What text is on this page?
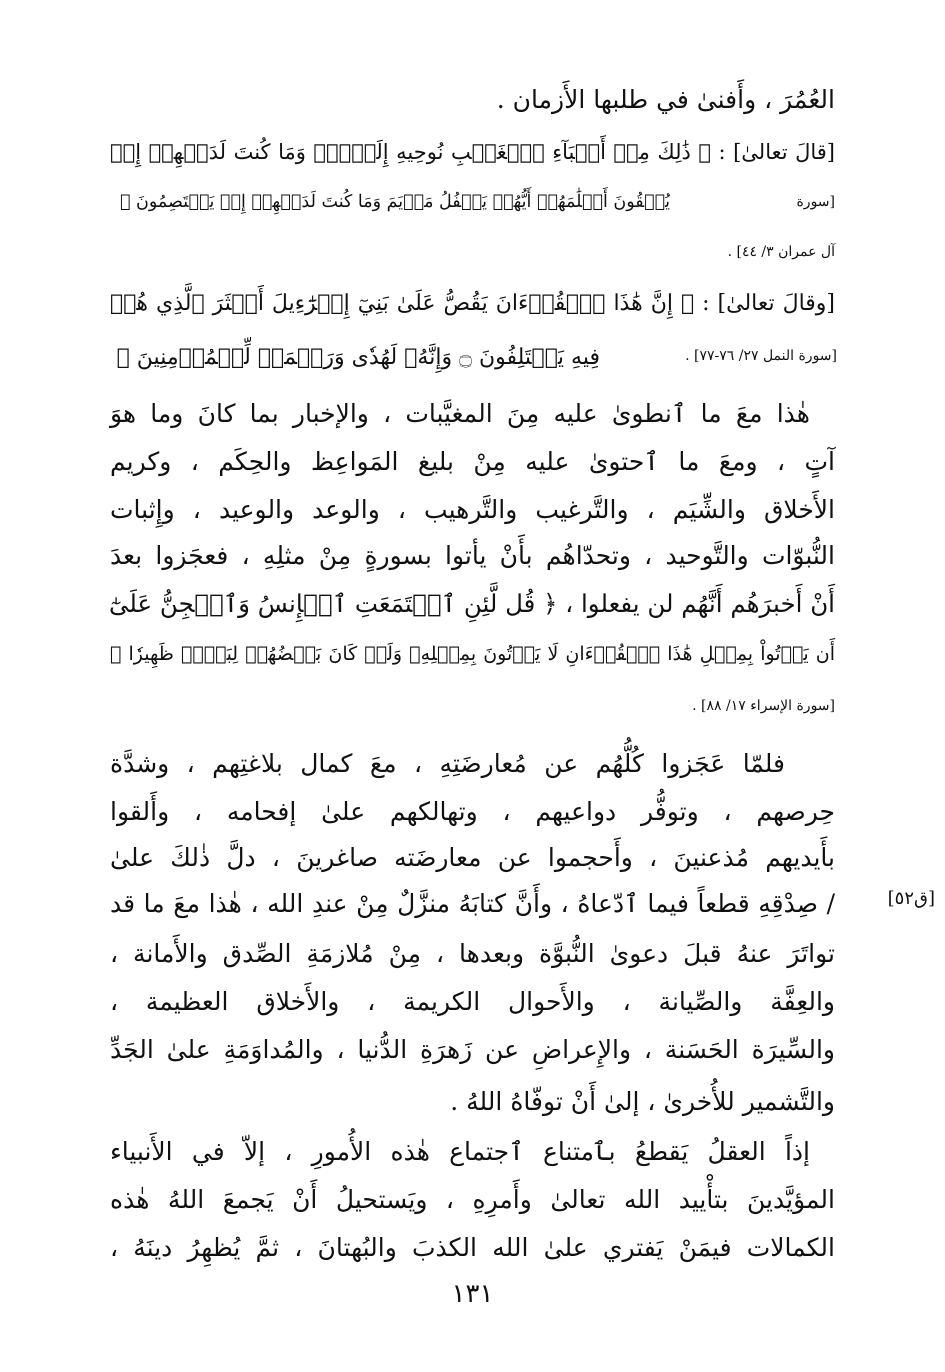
العُمُرَ ، وأَفنىٰ في طلبها الأَزمان .
[قالَ تعالىٰ] : ﴿ ذَٰلِكَ مِنۡ أَنۢبَآءِ ٱلۡغَيۡبِ نُوحِيهِ إِلَيۡكَۚ وَمَا كُنتَ لَدَيۡهِمۡ إِذۡ
يُلۡقُونَ أَقۡلَٰمَهُمۡ أَيُّهُمۡ يَكۡفُلُ مَرۡيَمَ وَمَا كُنتَ لَدَيۡهِمۡ إِذۡ يَخۡتَصِمُونَ ﴾	[سورة
آل عمران ٣/ ٤٤] .
[وقالَ تعالىٰ] : ﴿ إِنَّ هَٰذَا ٱلۡقُرۡءَانَ يَقُصُّ عَلَىٰ بَنِيٓ إِسۡرَٰٓءِيلَ أَكۡثَرَ ٱلَّذِي هُمۡ
فِيهِ يَخۡتَلِفُونَ ۝ وَإِنَّهُۥ لَهُدٗى وَرَحۡمَةٞ لِّلۡمُؤۡمِنِينَ ﴾	[سورة النمل ٢٧/ ٧٦-٧٧] .
هٰذا معَ ما ٱنطوىٰ عليه مِنَ المغيَّبات ، والإخبار بما كانَ وما هوَ
آتٍ ، ومعَ ما ٱحتوىٰ عليه مِنْ بليغ المَواعِظ والحِكَم ، وكريم
الأَخلاق والشِّيَم ، والتَّرغيب والتَّرهيب ، والوعد والوعيد ، وإِثبات
النُّبوّات والتَّوحيد ، وتحدّاهُم بأَنْ يأتوا بسورةٍ مِنْ مثلِهِ ، فعجَزوا بعدَ
أَنْ أَخبرَهُم أَنَّهُم لن يفعلوا ، ﴿ قُل لَّئِنِ ٱجۡتَمَعَتِ ٱلۡإِنسُ وَٱلۡجِنُّ عَلَىٰٓ
أَن يَأۡتُواْ بِمِثۡلِ هَٰذَا ٱلۡقُرۡءَانِ لَا يَأۡتُونَ بِمِثۡلِهِۦ وَلَوۡ كَانَ بَعۡضُهُمۡ لِبَعۡضٖ ظَهِيرٗا ﴾
[سورة الإسراء ١٧/ ٨٨] .
فلمّا عَجَزوا كُلُّهُم عن مُعارضَتِهِ ، معَ كمال بلاغتِهم ، وشدَّة
حِرصهم ، وتوفُّر دواعيهم ، وتهالكهم علىٰ إفحامه ، وأَلقوا
بأَيديهم مُذعنينَ ، وأَحجموا عن معارضَته صاغرينَ ، دلَّ ذٰلكَ علىٰ
/ صِدْقِهِ قطعاً فيما ٱدّعاهُ ، وأَنَّ كتابَهُ منزَّلٌ مِنْ عندِ الله ، هٰذا معَ ما قد	[ق٥٢]
تواتَرَ عنهُ قبلَ دعوىٰ النُّبوَّة وبعدها ، مِنْ مُلازمَةِ الصِّدق والأَمانة ،
والعِفَّة والصِّيانة ، والأَحوال الكريمة ، والأَخلاق العظيمة ،
والسِّيرَة الحَسَنة ، والإِعراضِ عن زَهرَةِ الدُّنيا ، والمُداوَمَةِ علىٰ الجَدِّ
والتَّشمير للأُخرىٰ ، إلىٰ أَنْ توفّاهُ اللهُ .
إذاً العقلُ يَقطعُ بٱمتناع ٱجتماع هٰذه الأُمورِ ، إلاّ في الأَنبياء
المؤيَّدينَ بتأْييد الله تعالىٰ وأَمرِهِ ، ويَستحيلُ أَنْ يَجمعَ اللهُ هٰذه
الكمالات فيمَنْ يَفتري علىٰ الله الكذبَ والبُهتانَ ، ثمَّ يُظهِرُ دينَهُ ،
١٣١
